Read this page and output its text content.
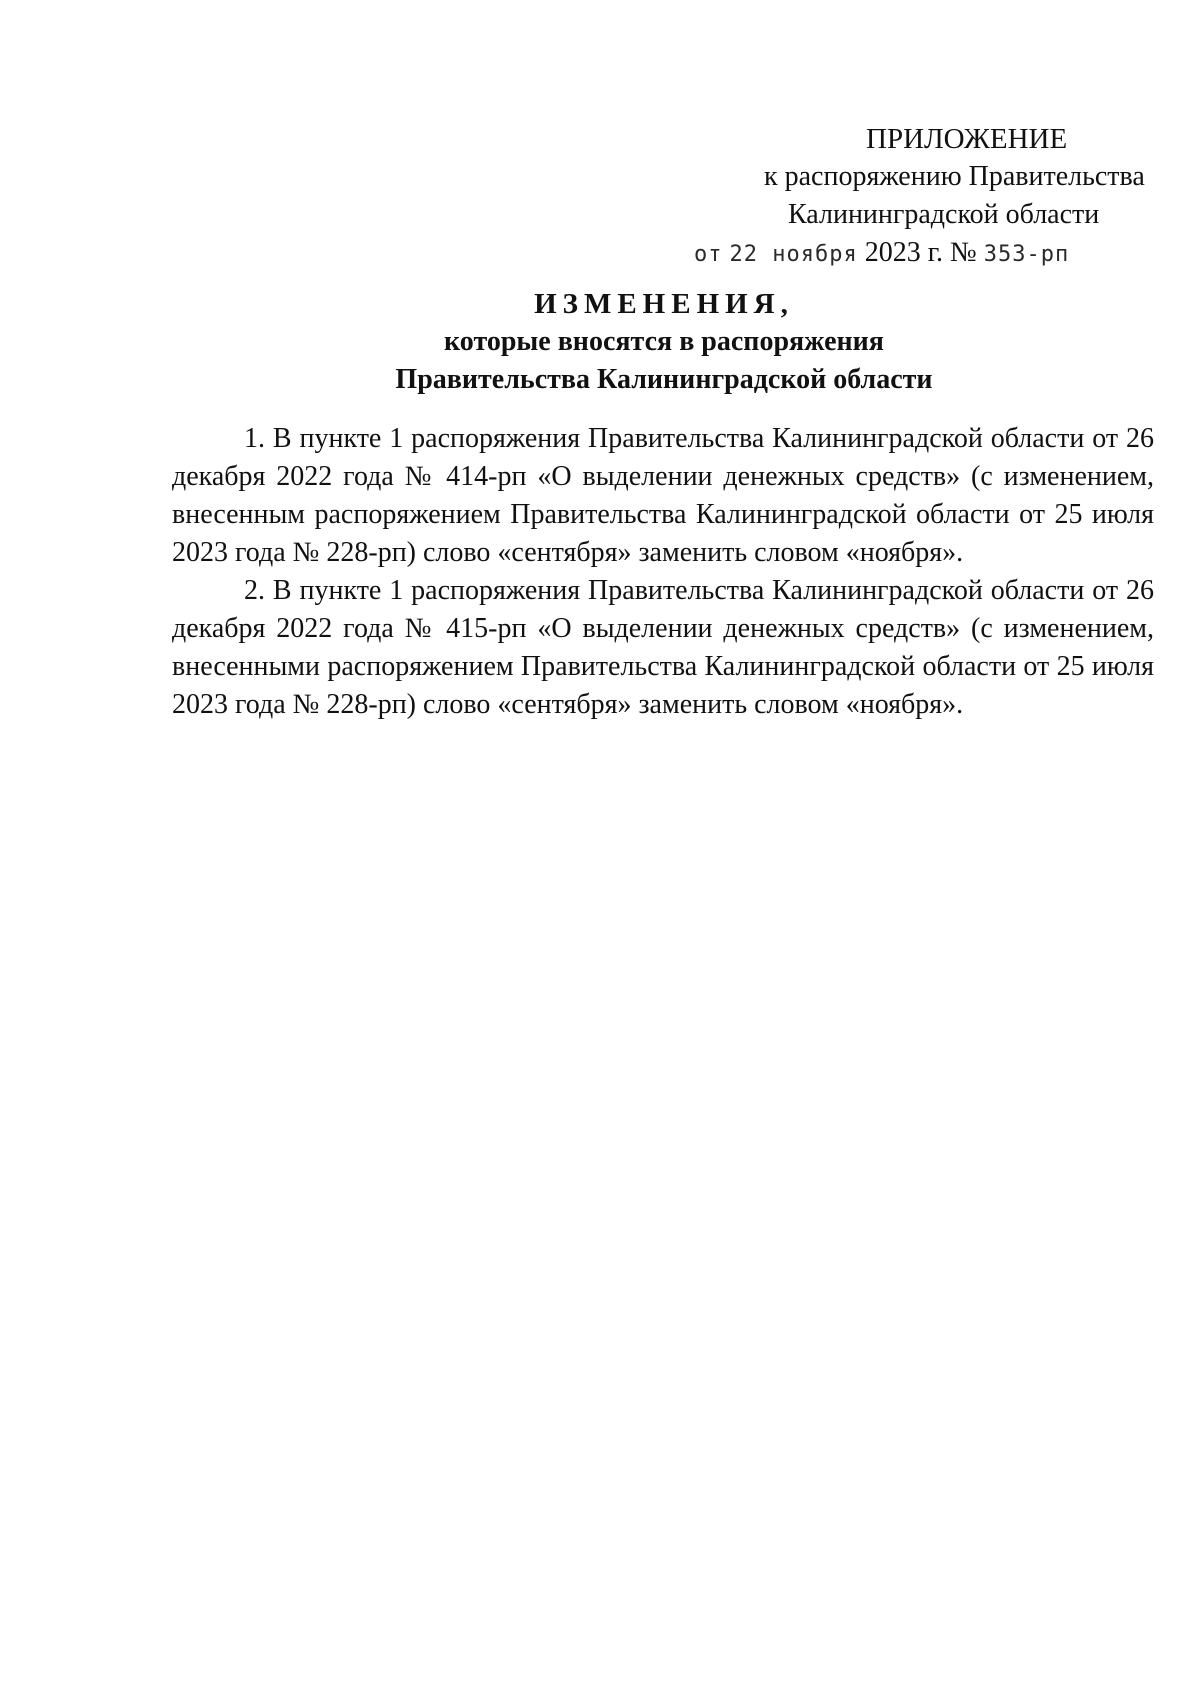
ПРИЛОЖЕНИЕ
к распоряжению Правительства
Калининградской области
от 22 ноября 2023 г. № 353-рп
ИЗМЕНЕНИЯ,
которые вносятся в распоряжения
Правительства Калининградской области

1. В пункте 1 распоряжения Правительства Калининградской области от 26 декабря 2022 года № 414-рп «О выделении денежных средств» (с изменением, внесенным распоряжением Правительства Калининградской области от 25 июля 2023 года № 228-рп) слово «сентября» заменить словом «ноября».

2. В пункте 1 распоряжения Правительства Калининградской области от 26 декабря 2022 года № 415-рп «О выделении денежных средств» (с изменением, внесенными распоряжением Правительства Калининградской области от 25 июля 2023 года № 228-рп) слово «сентября» заменить словом «ноября».
